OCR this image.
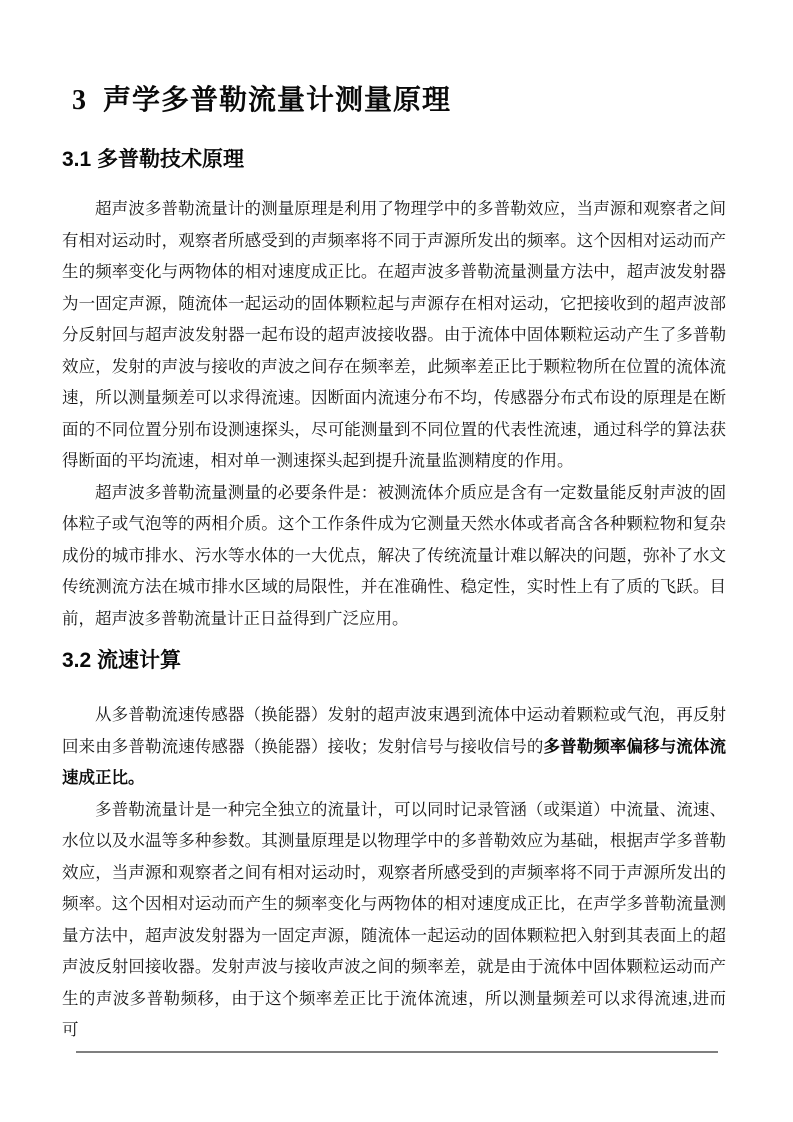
3  声学多普勒流量计测量原理
3.1 多普勒技术原理

超声波多普勒流量计的测量原理是利用了物理学中的多普勒效应，当声源和观察者之间有相对运动时，观察者所感受到的声频率将不同于声源所发出的频率。这个因相对运动而产生的频率变化与两物体的相对速度成正比。在超声波多普勒流量测量方法中，超声波发射器为一固定声源，随流体一起运动的固体颗粒起与声源存在相对运动，它把接收到的超声波部分反射回与超声波发射器一起布设的超声波接收器。由于流体中固体颗粒运动产生了多普勒效应，发射的声波与接收的声波之间存在频率差，此频率差正比于颗粒物所在位置的流体流速，所以测量频差可以求得流速。因断面内流速分布不均，传感器分布式布设的原理是在断面的不同位置分别布设测速探头，尽可能测量到不同位置的代表性流速，通过科学的算法获得断面的平均流速，相对单一测速探头起到提升流量监测精度的作用。

超声波多普勒流量测量的必要条件是：被测流体介质应是含有一定数量能反射声波的固体粒子或气泡等的两相介质。这个工作条件成为它测量天然水体或者高含各种颗粒物和复杂成份的城市排水、污水等水体的一大优点，解决了传统流量计难以解决的问题，弥补了水文传统测流方法在城市排水区域的局限性，并在准确性、稳定性，实时性上有了质的飞跃。目前，超声波多普勒流量计正日益得到广泛应用。

3.2 流速计算

从多普勒流速传感器（换能器）发射的超声波束遇到流体中运动着颗粒或气泡，再反射回来由多普勒流速传感器（换能器）接收；发射信号与接收信号的多普勒频率偏移与流体流速成正比。

多普勒流量计是一种完全独立的流量计，可以同时记录管涵（或渠道）中流量、流速、水位以及水温等多种参数。其测量原理是以物理学中的多普勒效应为基础，根据声学多普勒效应，当声源和观察者之间有相对运动时，观察者所感受到的声频率将不同于声源所发出的频率。这个因相对运动而产生的频率变化与两物体的相对速度成正比，在声学多普勒流量测量方法中，超声波发射器为一固定声源，随流体一起运动的固体颗粒把入射到其表面上的超声波反射回接收器。发射声波与接收声波之间的频率差，就是由于流体中固体颗粒运动而产生的声波多普勒频移，由于这个频率差正比于流体流速，所以测量频差可以求得流速,进而可
